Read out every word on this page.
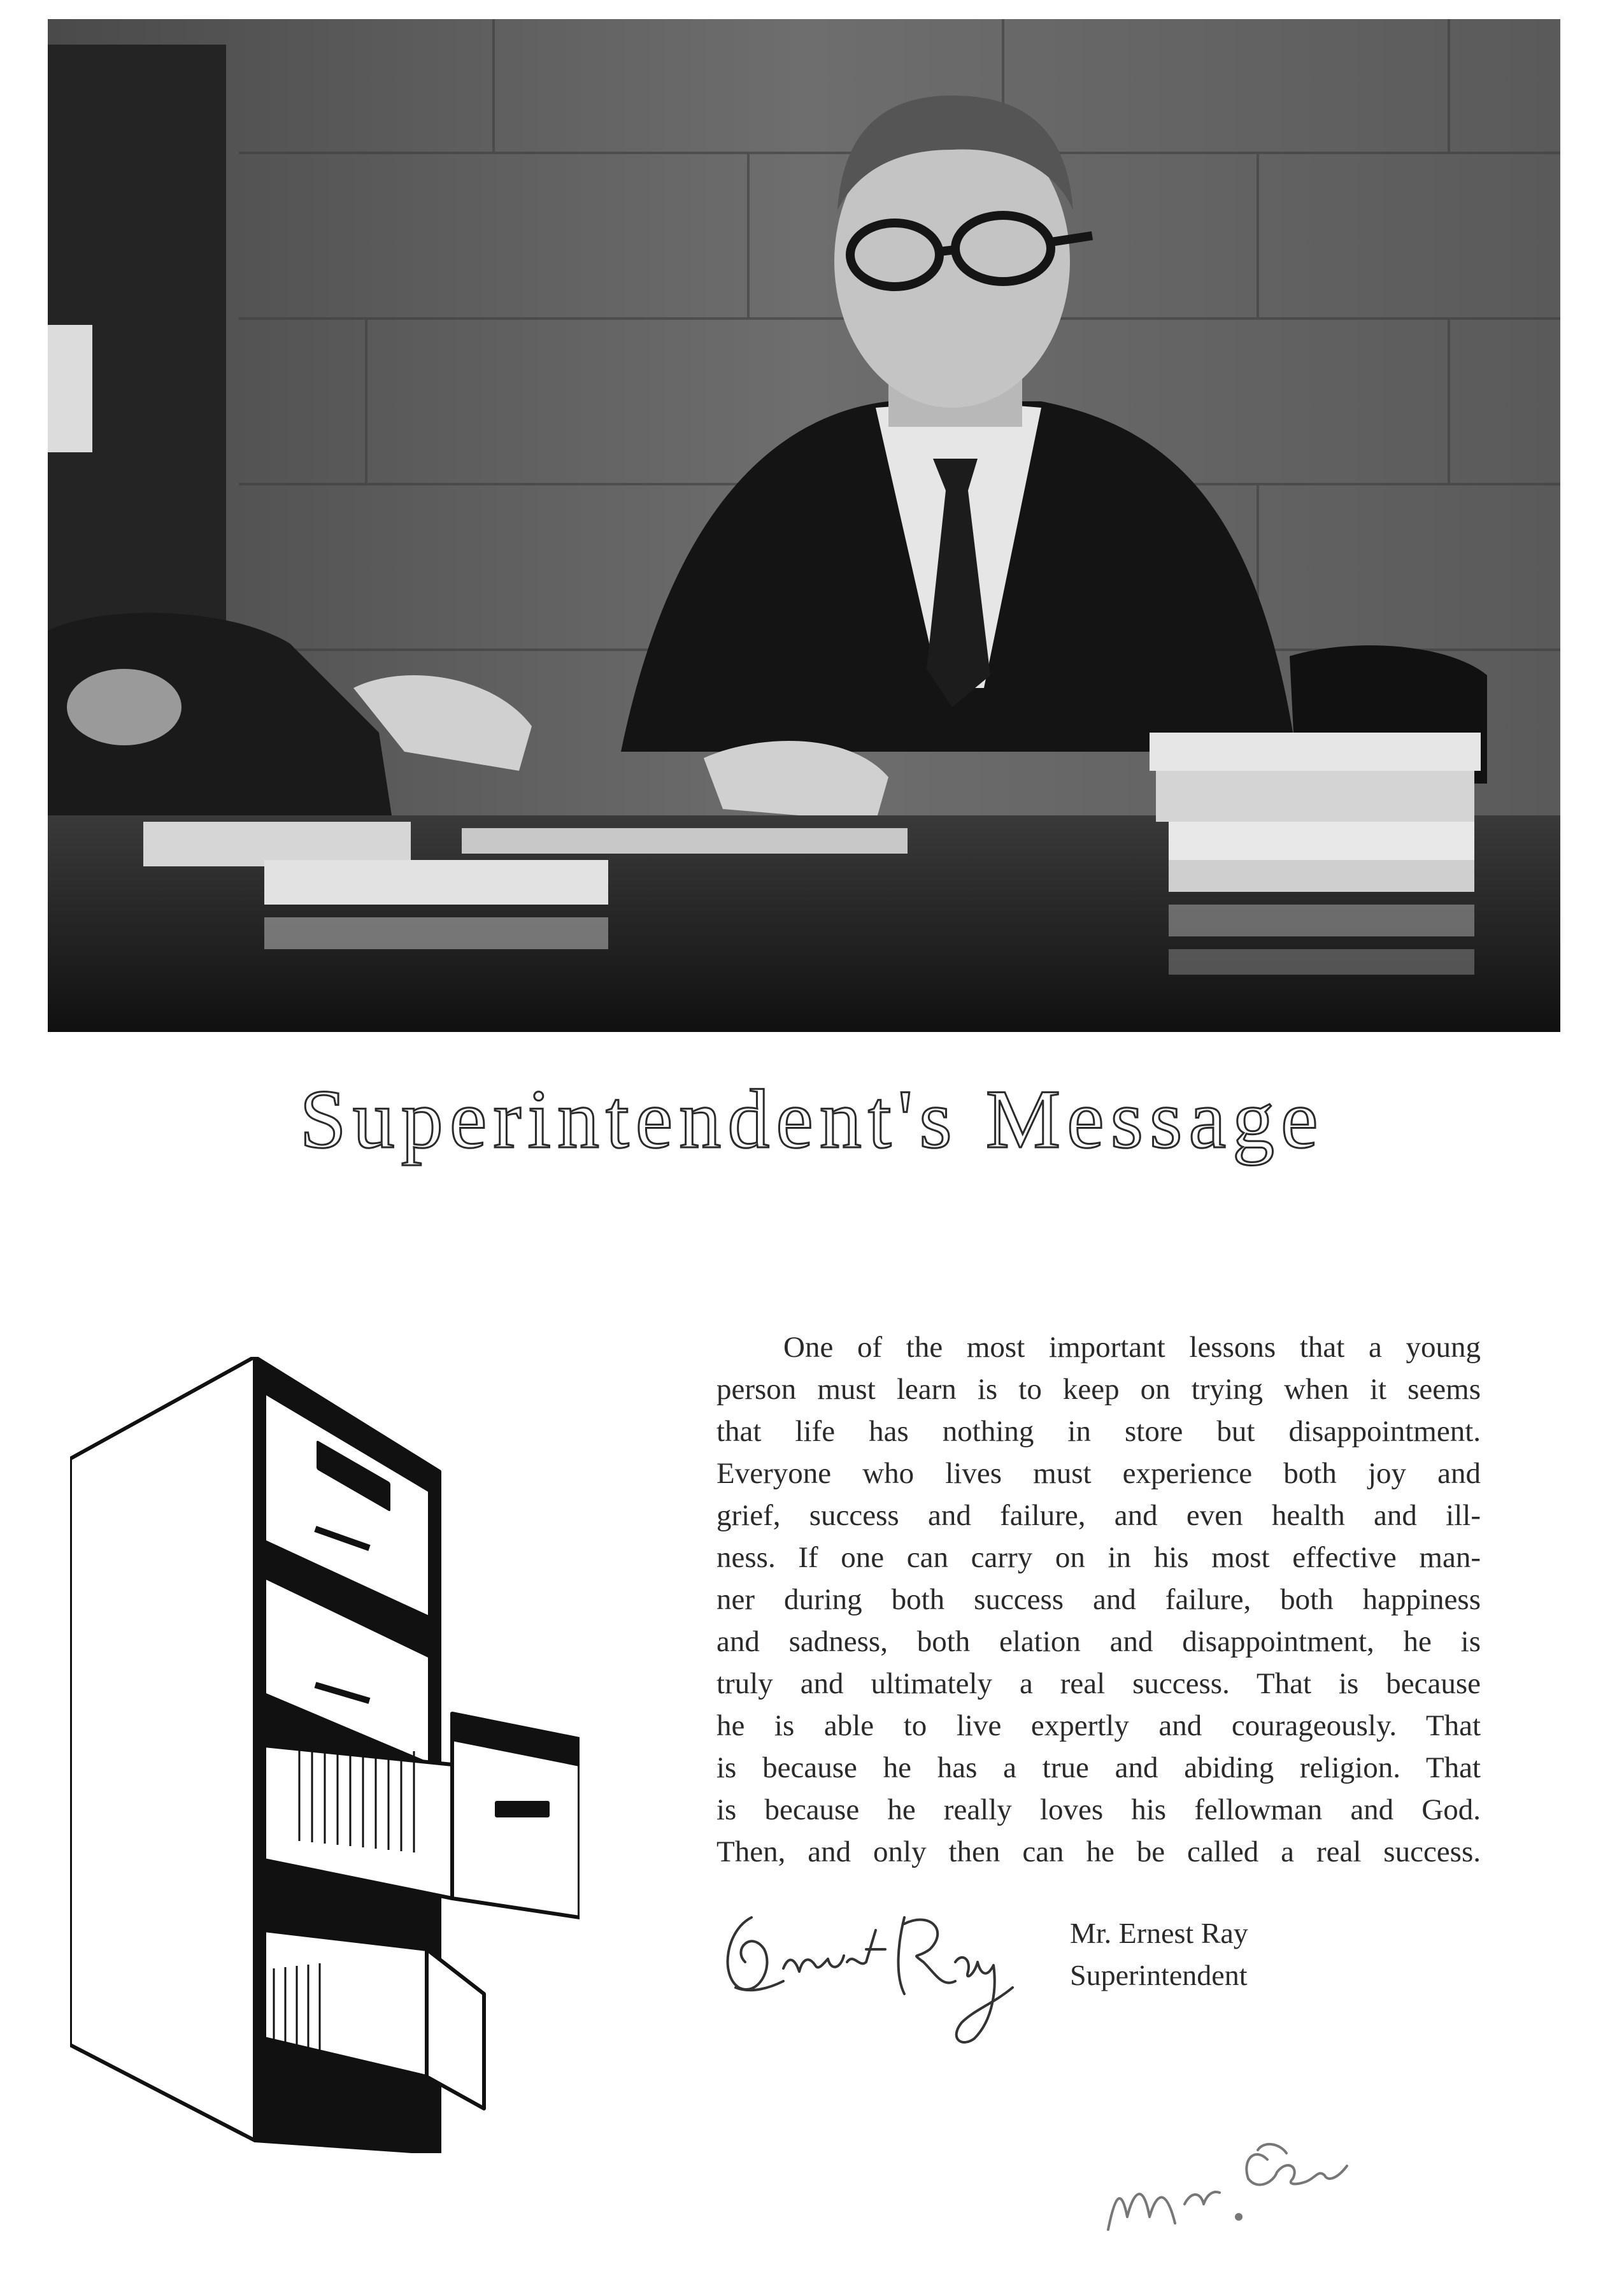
Superintendent's Message
One of the most important lessons that a young
person must learn is to keep on trying when it seems
that life has nothing in store but disappointment.
Everyone who lives must experience both joy and
grief, success and failure, and even health and ill-
ness. If one can carry on in his most effective man-
ner during both success and failure, both happiness
and sadness, both elation and disappointment, he is
truly and ultimately a real success. That is because
he is able to live expertly and courageously. That
is because he has a true and abiding religion. That
is because he really loves his fellowman and God.
Then, and only then can he be called a real success.
Mr. Ernest Ray
Superintendent
